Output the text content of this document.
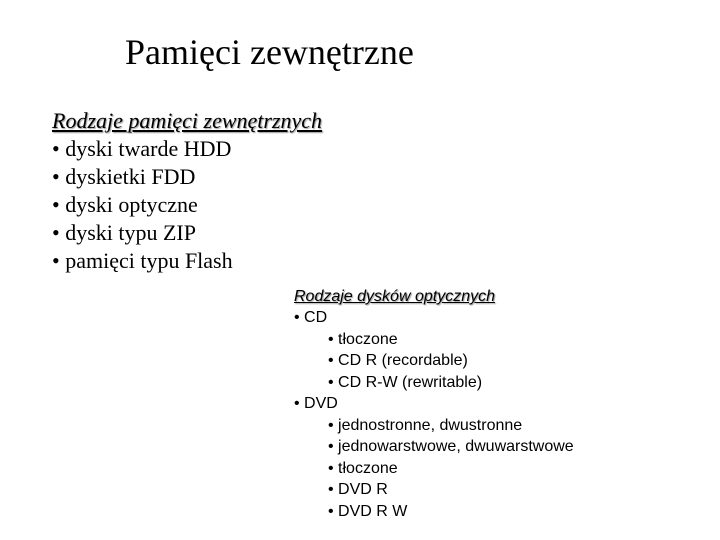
Pamięci zewnętrzne
Rodzaje pamięci zewnętrznych
• dyski twarde HDD
• dyskietki FDD
• dyski optyczne
• dyski typu ZIP
• pamięci typu Flash
Rodzaje dysków optycznych
• CD
• tłoczone
• CD R (recordable)
• CD R-W (rewritable)
• DVD
• jednostronne, dwustronne
• jednowarstwowe, dwuwarstwowe
• tłoczone
• DVD R
• DVD R W
